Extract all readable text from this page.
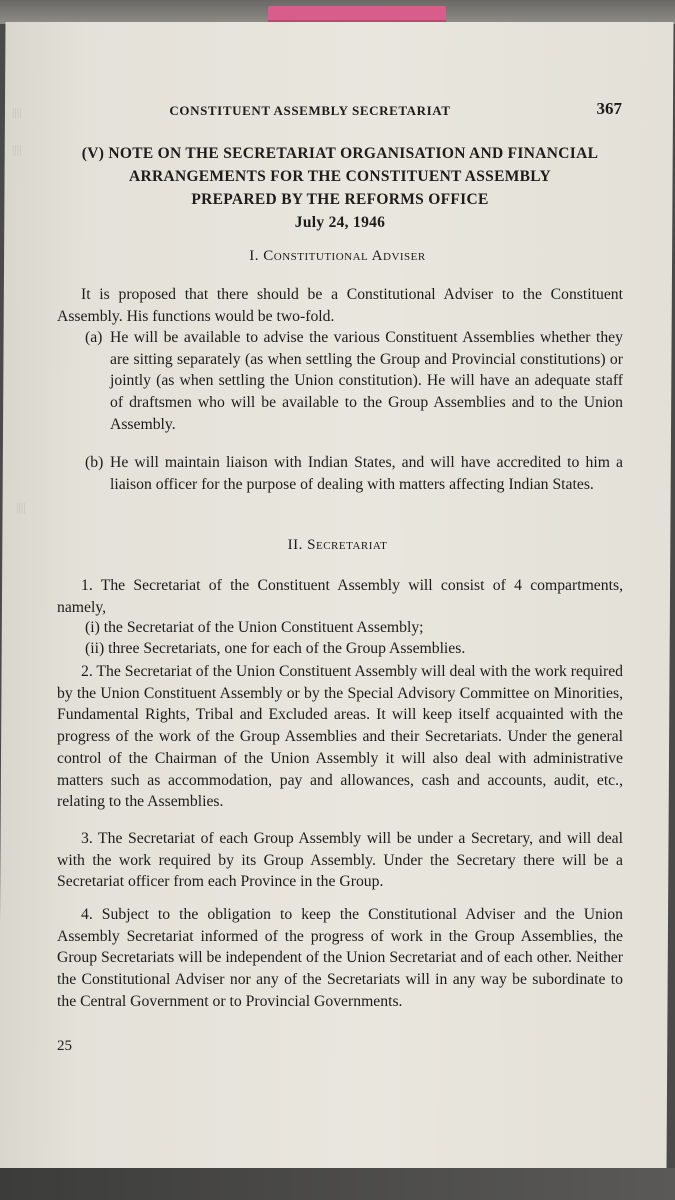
||||
||||
||||
CONSTITUENT ASSEMBLY SECRETARIAT	367
(V) NOTE ON THE SECRETARIAT ORGANISATION AND FINANCIAL
ARRANGEMENTS FOR THE CONSTITUENT ASSEMBLY
PREPARED BY THE REFORMS OFFICE
July 24, 1946
I. Constitutional Adviser
It is proposed that there should be a Constitutional Adviser to the Constituent Assembly. His functions would be two-fold.
(a) He will be available to advise the various Constituent Assemblies whether they are sitting separately (as when settling the Group and Provincial constitutions) or jointly (as when settling the Union constitution). He will have an adequate staff of draftsmen who will be available to the Group Assemblies and to the Union Assembly.
(b) He will maintain liaison with Indian States, and will have accredited to him a liaison officer for the purpose of dealing with matters affecting Indian States.
II. Secretariat
1. The Secretariat of the Constituent Assembly will consist of 4 compartments, namely,
(i) the Secretariat of the Union Constituent Assembly;
(ii) three Secretariats, one for each of the Group Assemblies.
2. The Secretariat of the Union Constituent Assembly will deal with the work required by the Union Constituent Assembly or by the Special Advisory Committee on Minorities, Fundamental Rights, Tribal and Excluded areas. It will keep itself acquainted with the progress of the work of the Group Assemblies and their Secretariats. Under the general control of the Chairman of the Union Assembly it will also deal with administrative matters such as accommodation, pay and allowances, cash and accounts, audit, etc., relating to the Assemblies.
3. The Secretariat of each Group Assembly will be under a Secretary, and will deal with the work required by its Group Assembly. Under the Secretary there will be a Secretariat officer from each Province in the Group.
4. Subject to the obligation to keep the Constitutional Adviser and the Union Assembly Secretariat informed of the progress of work in the Group Assemblies, the Group Secretariats will be independent of the Union Secretariat and of each other. Neither the Constitutional Adviser nor any of the Secretariats will in any way be subordinate to the Central Government or to Provincial Governments.
25
